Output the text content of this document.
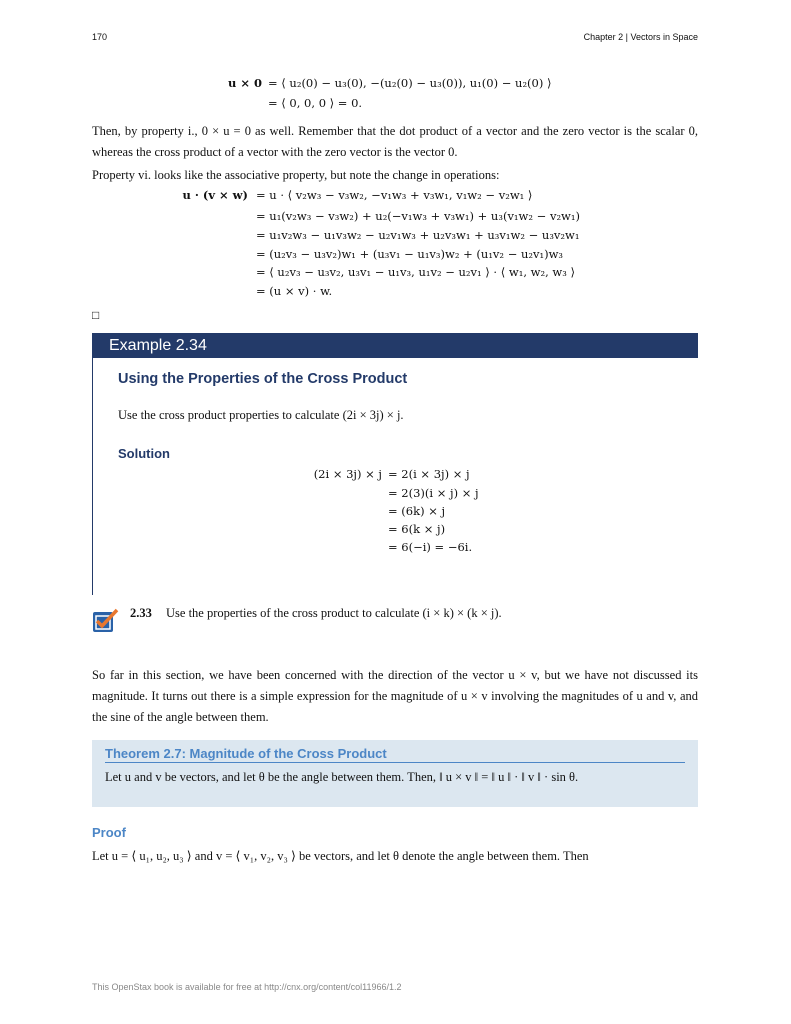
170	Chapter 2 | Vectors in Space
u × 0 = ⟨ u₂(0) − u₃(0), −(u₂(0) − u₃(0)), u₁(0) − u₂(0) ⟩
= ⟨ 0, 0, 0 ⟩ = 0.
Then, by property i., 0 × u = 0 as well. Remember that the dot product of a vector and the zero vector is the scalar 0, whereas the cross product of a vector with the zero vector is the vector 0.
Property vi. looks like the associative property, but note the change in operations:
u · (v × w) = u · ⟨ v₂w₃ − v₃w₂, −v₁w₃ + v₃w₁, v₁w₂ − v₂w₁ ⟩
= u₁(v₂w₃ − v₃w₂) + u₂(−v₁w₃ + v₃w₁) + u₃(v₁w₂ − v₂w₁)
= u₁v₂w₃ − u₁v₃w₂ − u₂v₁w₃ + u₂v₃w₁ + u₃v₁w₂ − u₃v₂w₁
= (u₂v₃ − u₃v₂)w₁ + (u₃v₁ − u₁v₃)w₂ + (u₁v₂ − u₂v₁)w₃
= ⟨ u₂v₃ − u₃v₂, u₃v₁ − u₁v₃, u₁v₂ − u₂v₁ ⟩ · ⟨ w₁, w₂, w₃ ⟩
= (u × v) · w.
□
Example 2.34
Using the Properties of the Cross Product
Use the cross product properties to calculate (2i × 3j) × j.
Solution
(2i × 3j) × j = 2(i × 3j) × j
= 2(3)(i × j) × j
= (6k) × j
= 6(k × j)
= 6(−i) = −6i.
2.33 Use the properties of the cross product to calculate (i × k) × (k × j).
So far in this section, we have been concerned with the direction of the vector u × v, but we have not discussed its magnitude. It turns out there is a simple expression for the magnitude of u × v involving the magnitudes of u and v, and the sine of the angle between them.
Theorem 2.7: Magnitude of the Cross Product
Let u and v be vectors, and let θ be the angle between them. Then, ‖ u × v ‖ = ‖ u ‖ · ‖ v ‖ · sin θ.
Proof
Let u = ⟨ u₁, u₂, u₃ ⟩ and v = ⟨ v₁, v₂, v₃ ⟩ be vectors, and let θ denote the angle between them. Then
This OpenStax book is available for free at http://cnx.org/content/col11966/1.2
